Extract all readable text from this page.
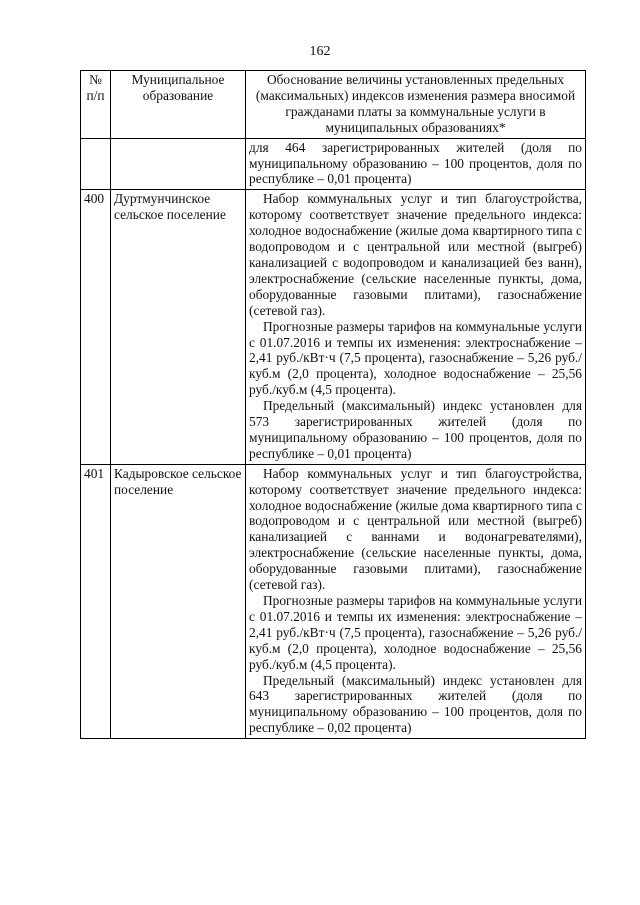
162
№ п/п	Муниципальное образование	Обоснование величины установленных предельных (максимальных) индексов изменения размера вносимой гражданами платы за коммунальные услуги в муниципальных образованиях*
		для 464 зарегистрированных жителей (доля по муниципальному образованию – 100 процентов, доля по республике – 0,01 процента)
400	Дуртмунчинское сельское поселение	Набор коммунальных услуг и тип благоустройства, которому соответствует значение предельного индекса: холодное водоснабжение (жилые дома квартирного типа с водопроводом и с центральной или местной (выгреб) канализацией с водопроводом и канализацией без ванн), электроснабжение (сельские населенные пункты, дома, оборудованные газовыми плитами), газоснабжение (сетевой газ).
Прогнозные размеры тарифов на коммунальные услуги с 01.07.2016 и темпы их изменения: электроснабжение – 2,41 руб./кВт·ч (7,5 процента), газоснабжение – 5,26 руб./куб.м (2,0 процента), холодное водоснабжение – 25,56 руб./куб.м (4,5 процента).
Предельный (максимальный) индекс установлен для 573 зарегистрированных жителей (доля по муниципальному образованию – 100 процентов, доля по республике – 0,01 процента)

401	Кадыровское сельское поселение	Набор коммунальных услуг и тип благоустройства, которому соответствует значение предельного индекса: холодное водоснабжение (жилые дома квартирного типа с водопроводом и с центральной или местной (выгреб) канализацией с ваннами и водонагревателями), электроснабжение (сельские населенные пункты, дома, оборудованные газовыми плитами), газоснабжение (сетевой газ).
Прогнозные размеры тарифов на коммунальные услуги с 01.07.2016 и темпы их изменения: электроснабжение – 2,41 руб./кВт·ч (7,5 процента), газоснабжение – 5,26 руб./куб.м (2,0 процента), холодное водоснабжение – 25,56 руб./куб.м (4,5 процента).
Предельный (максимальный) индекс установлен для 643 зарегистрированных жителей (доля по муниципальному образованию – 100 процентов, доля по республике – 0,02 процента)
